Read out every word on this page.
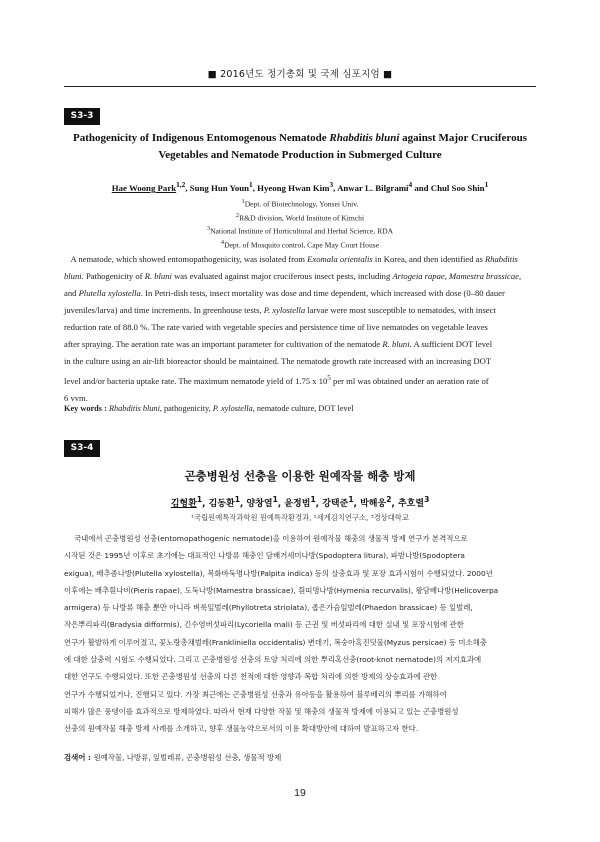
■ 2016년도 정기총회 및 국제 심포지엄 ■
S3-3
Pathogenicity of Indigenous Entomogenous Nematode Rhabditis bluni against Major Cruciferous
Vegetables and Nematode Production in Submerged Culture
Hae Woong Park$^{1,2}$, Sung Hun Youn$^1$, Hyeong Hwan Kim$^3$, Anwar L. Bilgrami$^4$ and Chul Soo Shin$^1$
$^1$Dept. of Biotechnology, Yonsei Univ.
$^2$R&D division, World Institute of Kimchi
$^3$National Institute of Horticultural and Herbal Science, RDA
$^4$Dept. of Mosquito control, Cape May Court House
A nematode, which showed entomopathogenicity, was isolated from Exomala orientalis in Korea, and then identified as Rhabditis
bluni. Pathogenicity of R. bluni was evaluated against major cruciferous insect pests, including Artogeia rapae, Mamestra brassicae,
and Plutella xylostella. In Petri-dish tests, insect mortality was dose and time dependent, which increased with dose (0–80 dauer
juveniles/larva) and time increments. In greenhouse tests, P. xylostella larvae were most susceptible to nematodes, with insect
reduction rate of 88.0 %. The rate varied with vegetable species and persistence time of live nematodes on vegetable leaves
after spraying. The aeration rate was an important parameter for cultivation of the nematode R. bluni. A sufficient DOT level
in the culture using an air-lift bioreactor should be maintained. The nematode growth rate increased with an increasing DOT
level and/or bacteria uptake rate. The maximum nematode yield of 1.75 x $10^5$ per ml was obtained under an aeration rate of
6 vvm.
Key words : Rhabditis bluni, pathogenicity, P. xylostella, nematode culture, DOT level
S3-4
곤충병원성 선충을 이용한 원예작물 해충 방제
김형환$^1$, 김동환$^1$, 양창열$^1$, 윤정범$^1$, 강택준$^1$, 박해웅$^2$, 추호렬$^3$
¹국립원예특작과학원 원예특작환경과, ²세계김치연구소, ³경상대학교
국내에서 곤충병원성 선충(entomopathogenic nematode)을 이용하여 원예작물 해충의 생물적 방제 연구가 본격적으로
시작된 것은 1995년 이후로 초기에는 대표적인 나방류 해충인 담배거세미나방(Spodoptera litura), 파밤나방(Spodoptera
exigua), 배추좀나방(Plutella xylostella), 목화바둑명나방(Palpita indica) 등의 살충효과 및 포장 효과시험이 수행되었다. 2000년
이후에는 배추흰나비(Pieris rapae), 도둑나방(Mamestra brassicae), 흰띠명나방(Hymenia recurvalis), 왕담배나방(Helicoverpa
armigera) 등 나방류 해충 뿐만 아니라 벼룩잎벌레(Phyllotreta striolata), 좁은가슴잎벌레(Phaedon brassicae) 등 잎벌레,
작은뿌리파리(Bradysia difformis), 긴수염버섯파리(Lycoriella mali) 등 근권 및 버섯파리에 대한 실내 및 포장시험에 관한
연구가 활발하게 이루어졌고, 꽃노랑총채벌레(Frankliniella occidentalis) 변데기, 복숭아혹진딧물(Myzus persicae) 등 미소해충
에 대한 살충력 시험도 수행되었다. 그리고 곤충병원성 선충의 토양 처리에 의한 뿌리혹선충(root-knot nematode)의 저지효과에
대한 연구도 수행되었다. 또한 곤충병원성 선충의 다른 천적에 대한 영향과 복합 처리에 의한 방제의 상승효과에 관한
연구가 수행되었거나, 진행되고 있다. 가장 최근에는 곤충병원성 선충과 유아등을 활용하여 블루베리의 뿌리를 가해하여
피해가 많은 풍뎅이를 효과적으로 방제하였다. 따라서 현재 다양한 작물 및 해충의 생물적 방제에 이용되고 있는 곤충병원성
선충의 원예작물 해충 방제 사례를 소개하고, 향후 생물농약으로서의 이용 확대방안에 대하여 발표하고자 한다.
검색어 : 원예작물, 나방류, 잎벌레류, 곤충병원성 선충, 생물적 방제
19
